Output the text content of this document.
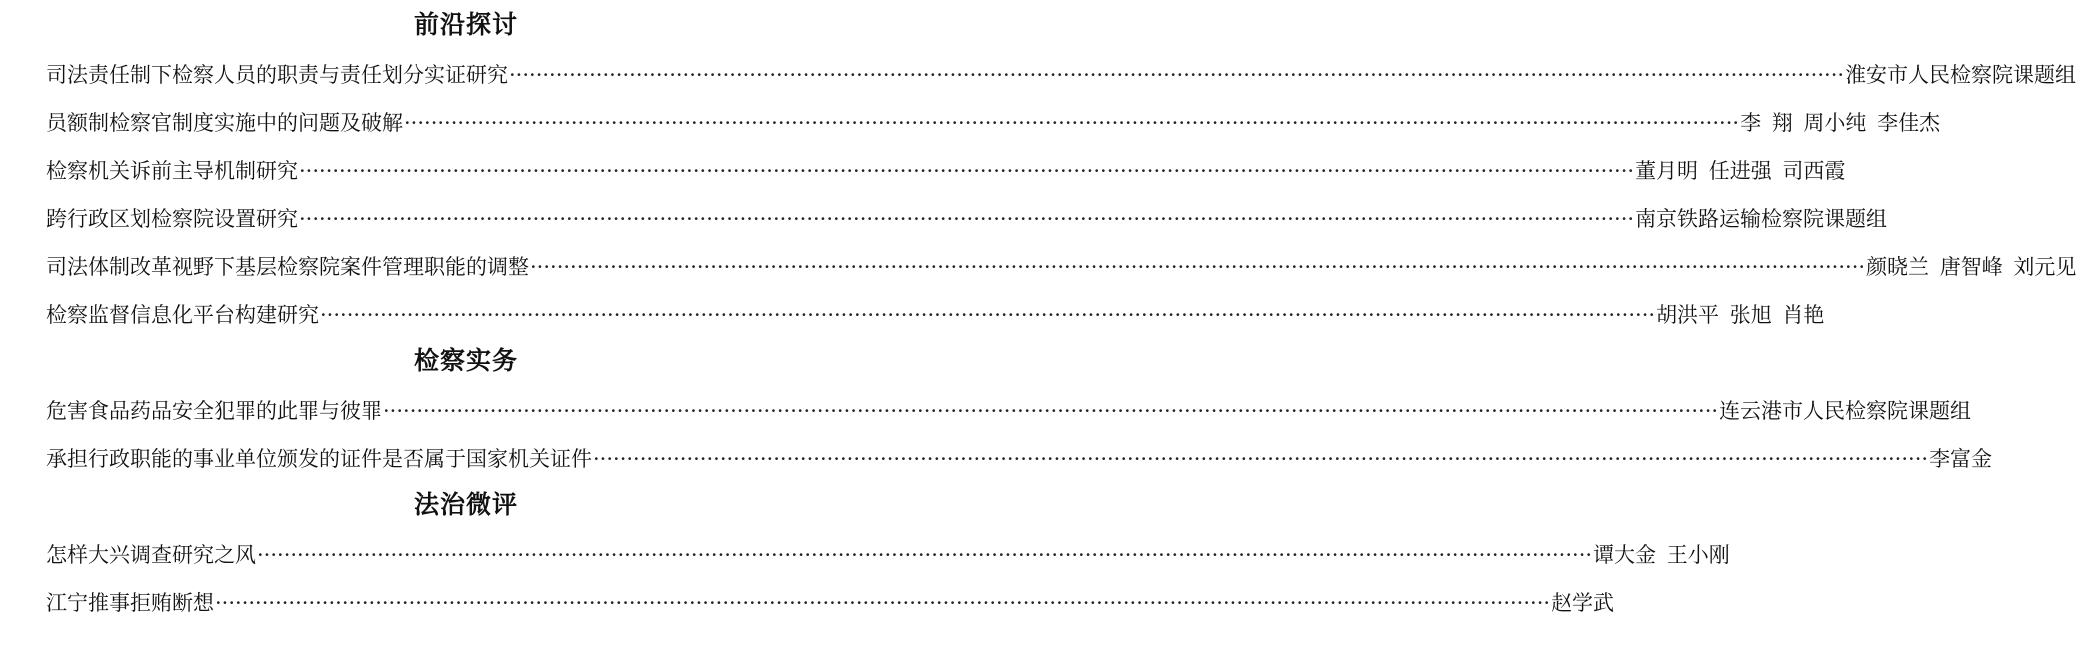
前沿探讨
司法责任制下检察人员的职责与责任划分实证研究 ········································································································································································································ 淮安市人民检察院课题组
员额制检察官制度实施中的问题及破解 ········································································································································································································ 李 翔 周小纯 李佳杰
检察机关诉前主导机制研究 ········································································································································································································ 董月明 任进强 司西霞
跨行政区划检察院设置研究 ········································································································································································································ 南京铁路运输检察院课题组
司法体制改革视野下基层检察院案件管理职能的调整 ········································································································································································································ 颜晓兰 唐智峰 刘元见
检察监督信息化平台构建研究 ········································································································································································································ 胡洪平 张旭 肖艳
检察实务
危害食品药品安全犯罪的此罪与彼罪 ········································································································································································································ 连云港市人民检察院课题组
承担行政职能的事业单位颁发的证件是否属于国家机关证件 ········································································································································································································ 李富金
法治微评
怎样大兴调查研究之风 ········································································································································································································ 谭大金 王小刚
江宁推事拒贿断想 ········································································································································································································ 赵学武
